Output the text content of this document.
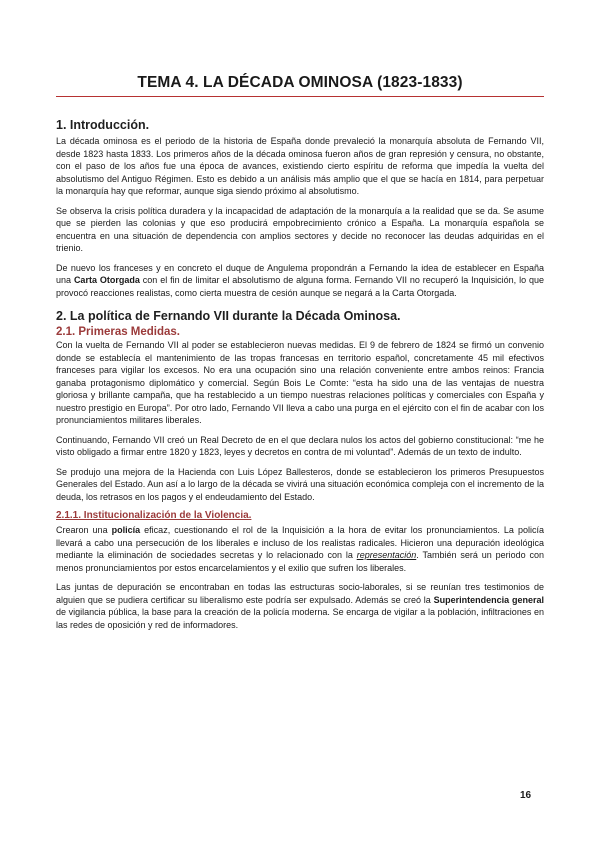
TEMA 4. LA DÉCADA OMINOSA (1823-1833)
1. Introducción.

La década ominosa es el periodo de la historia de España donde prevaleció la monarquía absoluta de Fernando VII, desde 1823 hasta 1833. Los primeros años de la década ominosa fueron años de gran represión y censura, no obstante, con el paso de los años fue una época de avances, existiendo cierto espíritu de reforma que impedía la vuelta del absolutismo del Antiguo Régimen. Esto es debido a un análisis más amplio que el que se hacía en 1814, para perpetuar la monarquía hay que reformar, aunque siga siendo próximo al absolutismo.

Se observa la crisis política duradera y la incapacidad de adaptación de la monarquía a la realidad que se da. Se asume que se pierden las colonias y que eso producirá empobrecimiento crónico a España. La monarquía española se encuentra en una situación de dependencia con amplios sectores y decide no reconocer las deudas adquiridas en el trienio.

De nuevo los franceses y en concreto el duque de Angulema propondrán a Fernando la idea de establecer en España una Carta Otorgada con el fin de limitar el absolutismo de alguna forma. Fernando VII no recuperó la Inquisición, lo que provocó reacciones realistas, como cierta muestra de cesión aunque se negará a la Carta Otorgada.

2. La política de Fernando VII durante la Década Ominosa.
2.1. Primeras Medidas.

Con la vuelta de Fernando VII al poder se establecieron nuevas medidas. El 9 de febrero de 1824 se firmó un convenio donde se establecía el mantenimiento de las tropas francesas en territorio español, concretamente 45 mil efectivos franceses para vigilar los excesos. No era una ocupación sino una relación conveniente entre ambos reinos: Francia ganaba protagonismo diplomático y comercial. Según Bois Le Comte: “esta ha sido una de las ventajas de nuestra gloriosa y brillante campaña, que ha restablecido a un tiempo nuestras relaciones políticas y comerciales con España y nuestro prestigio en Europa”. Por otro lado, Fernando VII lleva a cabo una purga en el ejército con el fin de acabar con los pronunciamientos militares liberales.

Continuando, Fernando VII creó un Real Decreto de en el que declara nulos los actos del gobierno constitucional: “me he visto obligado a firmar entre 1820 y 1823, leyes y decretos en contra de mi voluntad”. Además de un texto de indulto.

Se produjo una mejora de la Hacienda con Luis López Ballesteros, donde se establecieron los primeros Presupuestos Generales del Estado. Aun así a lo largo de la década se vivirá una situación económica compleja con el incremento de la deuda, los retrasos en los pagos y el endeudamiento del Estado.

2.1.1. Institucionalización de la Violencia.

Crearon una policía eficaz, cuestionando el rol de la Inquisición a la hora de evitar los pronunciamientos. La policía llevará a cabo una persecución de los liberales e incluso de los realistas radicales. Hicieron una depuración ideológica mediante la eliminación de sociedades secretas y lo relacionado con la representación. También será un periodo con menos pronunciamientos por estos encarcelamientos y el exilio que sufren los liberales.

Las juntas de depuración se encontraban en todas las estructuras socio-laborales, si se reunían tres testimonios de alguien que se pudiera certificar su liberalismo este podría ser expulsado. Además se creó la Superintendencia general de vigilancia pública, la base para la creación de la policía moderna. Se encarga de vigilar a la población, infiltraciones en las redes de oposición y red de informadores.

16
